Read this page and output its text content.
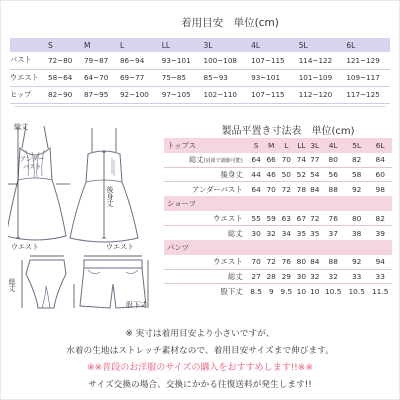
着用目安　単位(cm)
	S	M	L	LL	3L	4L	5L	6L
バスト	72~80	79~87	86~94	93~101	100~108	107~115	114~122	121~129
ウエスト	58~64	64~70	69~77	75~85	85~93	93~101	101~109	109~117
ヒップ	82~90	87~95	92~100	97~105	102~110	107~115	112~120	117~125
総丈
アンダー
バスト
後身丈
ウエスト	ウエスト
総丈
股下丈
製品平置き寸法表　単位(cm)
トップス	S	M	L	LL	3L	4L	5L	6L
総丈(肩紐で調節可能)	64	66	70	74	77	80	82	84
後身丈	44	46	50	52	54	56	58	60
アンダーバスト	64	70	72	78	84	88	92	98
ショーツ								
ウエスト	55	59	63	67	72	76	80	82
総丈	30	32	34	35	35	37	38	39
パンツ								
ウエスト	70	72	76	80	84	88	92	94
総丈	27	28	29	30	32	32	33	33
股下丈	8.5	9	9.5	10	10	10.5	10.5	11.5
※ 実寸は着用目安より小さいですが、
水着の生地はストレッチ素材なので、着用目安サイズまで伸びます。
※※普段のお洋服のサイズの購入をおすすめします!!※※
サイズ交換の場合、交換にかかる往復送料が発生します!!
